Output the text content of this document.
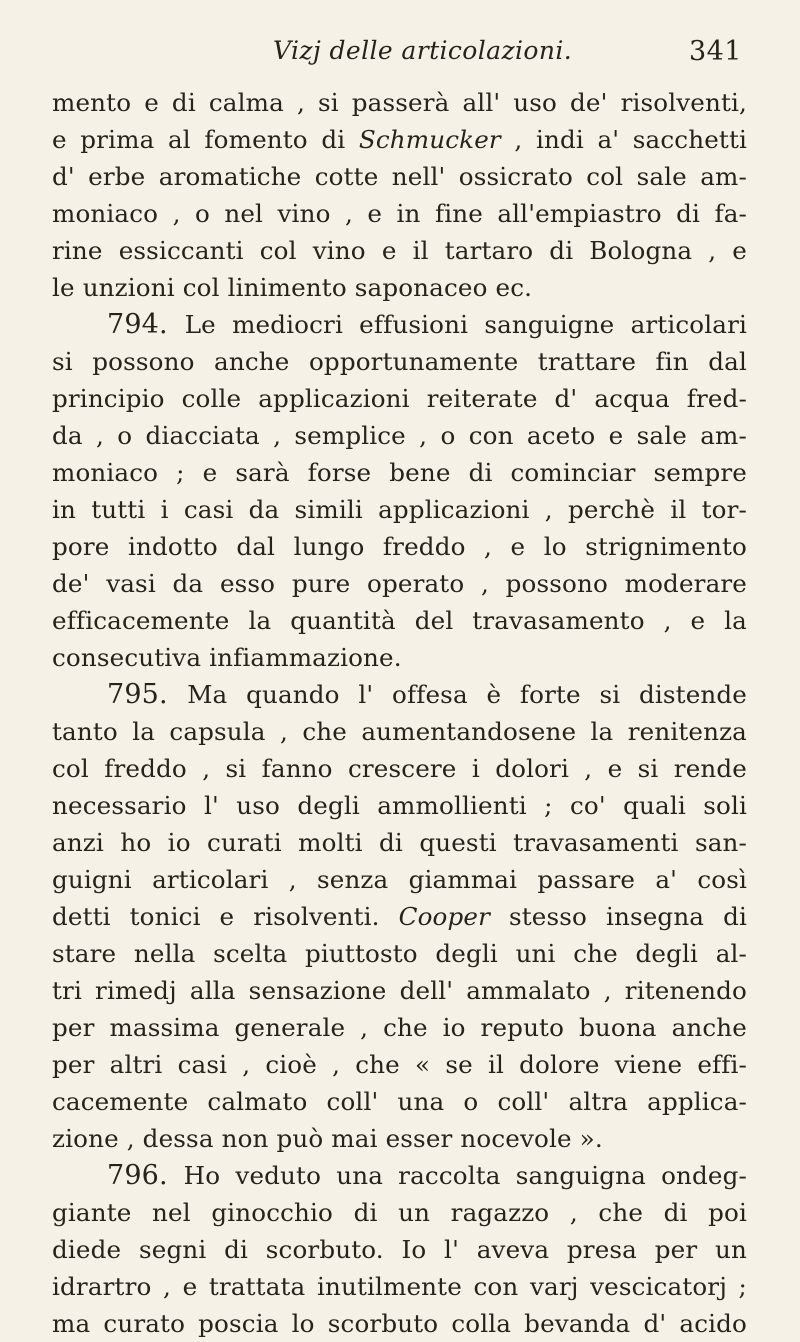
Vizj delle articolazioni.	341
mento e di calma , si passerà all' uso de' risolventi,
e prima al fomento di Schmucker , indi a' sacchetti
d' erbe aromatiche cotte nell' ossicrato col sale am-
moniaco , o nel vino , e in fine all'empiastro di fa-
rine essiccanti col vino e il tartaro di Bologna , e
le unzioni col linimento saponaceo ec.
794. Le mediocri effusioni sanguigne articolari
si possono anche opportunamente trattare fin dal
principio colle applicazioni reiterate d' acqua fred-
da , o diacciata , semplice , o con aceto e sale am-
moniaco ; e sarà forse bene di cominciar sempre
in tutti i casi da simili applicazioni , perchè il tor-
pore indotto dal lungo freddo , e lo strignimento
de' vasi da esso pure operato , possono moderare
efficacemente la quantità del travasamento , e la
consecutiva infiammazione.
795. Ma quando l' offesa è forte si distende
tanto la capsula , che aumentandosene la renitenza
col freddo , si fanno crescere i dolori , e si rende
necessario l' uso degli ammollienti ; co' quali soli
anzi ho io curati molti di questi travasamenti san-
guigni articolari , senza giammai passare a' così
detti tonici e risolventi. Cooper stesso insegna di
stare nella scelta piuttosto degli uni che degli al-
tri rimedj alla sensazione dell' ammalato , ritenendo
per massima generale , che io reputo buona anche
per altri casi , cioè , che « se il dolore viene effi-
cacemente calmato coll' una o coll' altra applica-
zione , dessa non può mai esser nocevole ».
796. Ho veduto una raccolta sanguigna ondeg-
giante nel ginocchio di un ragazzo , che di poi
diede segni di scorbuto. Io l' aveva presa per un
idrartro , e trattata inutilmente con varj vescicatorj ;
ma curato poscia lo scorbuto colla bevanda d' acido
